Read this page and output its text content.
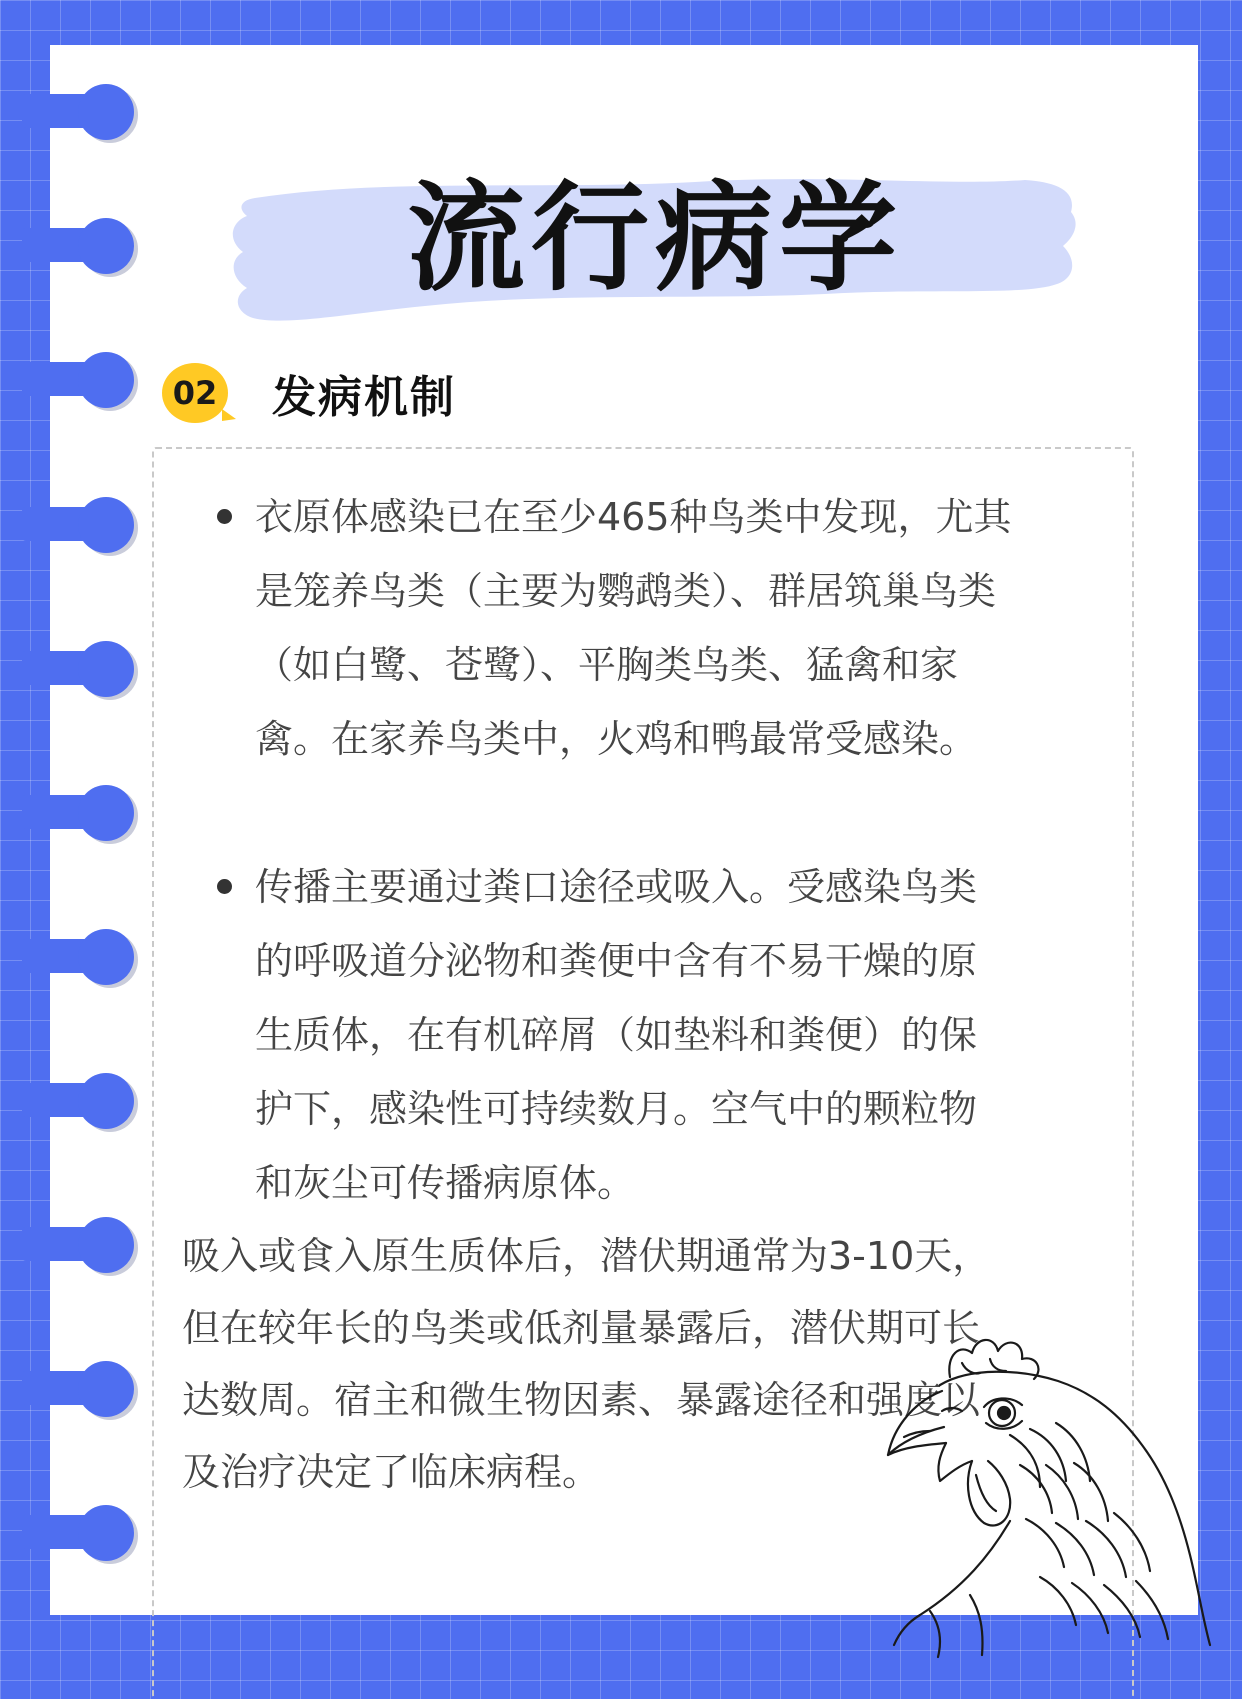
流行病学
02 发病机制
衣原体感染已在至少465种鸟类中发现，尤其
是笼养鸟类（主要为鹦鹉类）、群居筑巢鸟类
（如白鹭、苍鹭）、平胸类鸟类、猛禽和家
禽。在家养鸟类中，火鸡和鸭最常受感染。
传播主要通过粪口途径或吸入。受感染鸟类
的呼吸道分泌物和粪便中含有不易干燥的原
生质体，在有机碎屑（如垫料和粪便）的保
护下，感染性可持续数月。空气中的颗粒物
和灰尘可传播病原体。
吸入或食入原生质体后，潜伏期通常为3-10天，
但在较年长的鸟类或低剂量暴露后，潜伏期可长
达数周。宿主和微生物因素、暴露途径和强度以
及治疗决定了临床病程。
